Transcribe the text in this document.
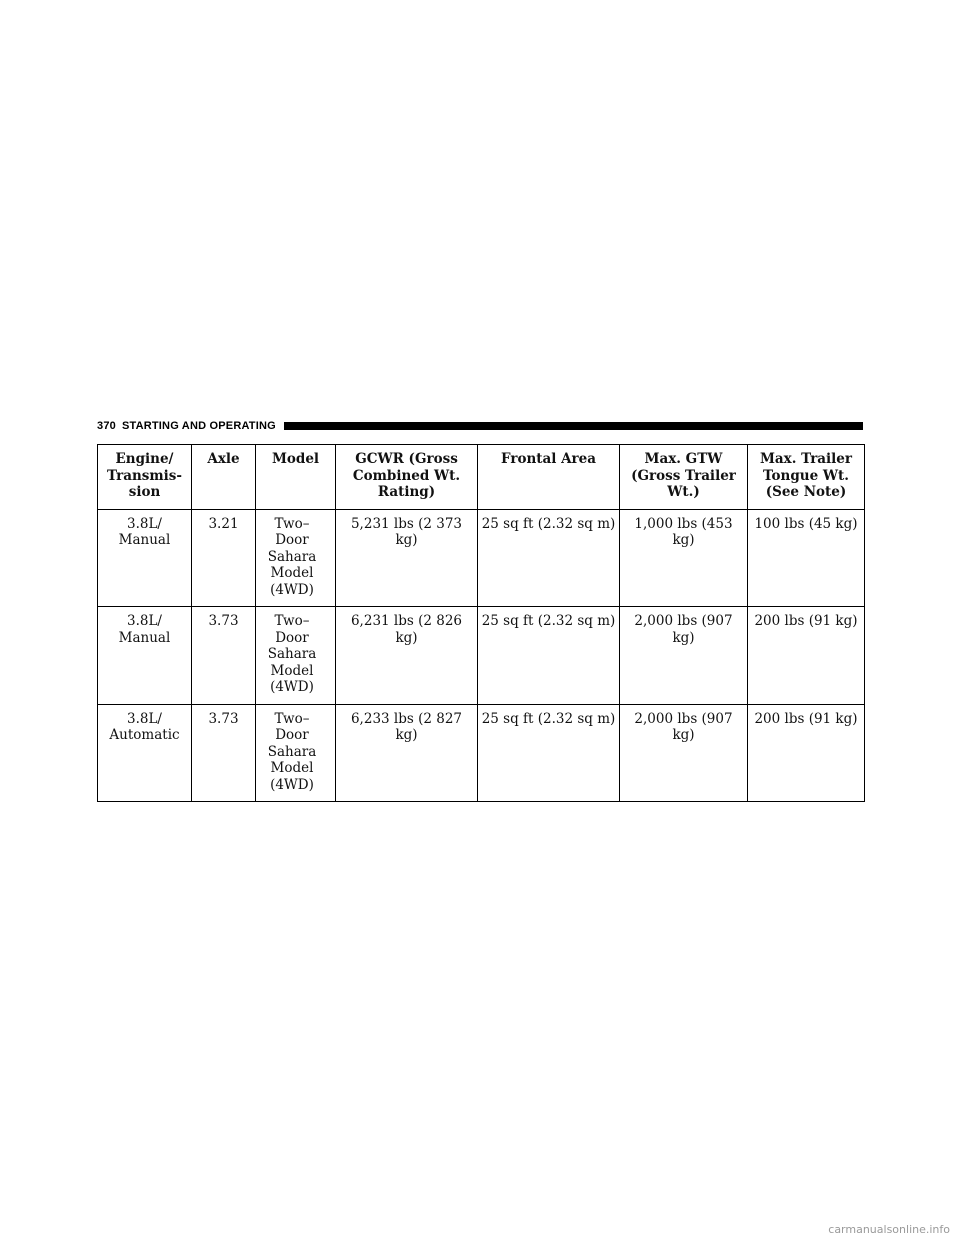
370 STARTING AND OPERATING
Engine/
Transmis-
sion	Axle	Model	GCWR (Gross
Combined Wt.
Rating)	Frontal Area	Max. GTW
(Gross Trailer
Wt.)	Max. Trailer
Tongue Wt.
(See Note)

3.8L/
Manual	3.21	Two–
Door
Sahara
Model
(4WD)	5,231 lbs (2 373 kg)	25 sq ft (2.32 sq m)	1,000 lbs (453 kg)	100 lbs (45 kg)

3.8L/
Manual	3.73	Two–
Door
Sahara
Model
(4WD)	6,231 lbs (2 826 kg)	25 sq ft (2.32 sq m)	2,000 lbs (907 kg)	200 lbs (91 kg)

3.8L/
Automatic	3.73	Two–
Door
Sahara
Model
(4WD)	6,233 lbs (2 827 kg)	25 sq ft (2.32 sq m)	2,000 lbs (907 kg)	200 lbs (91 kg)
carmanualsonline.info
